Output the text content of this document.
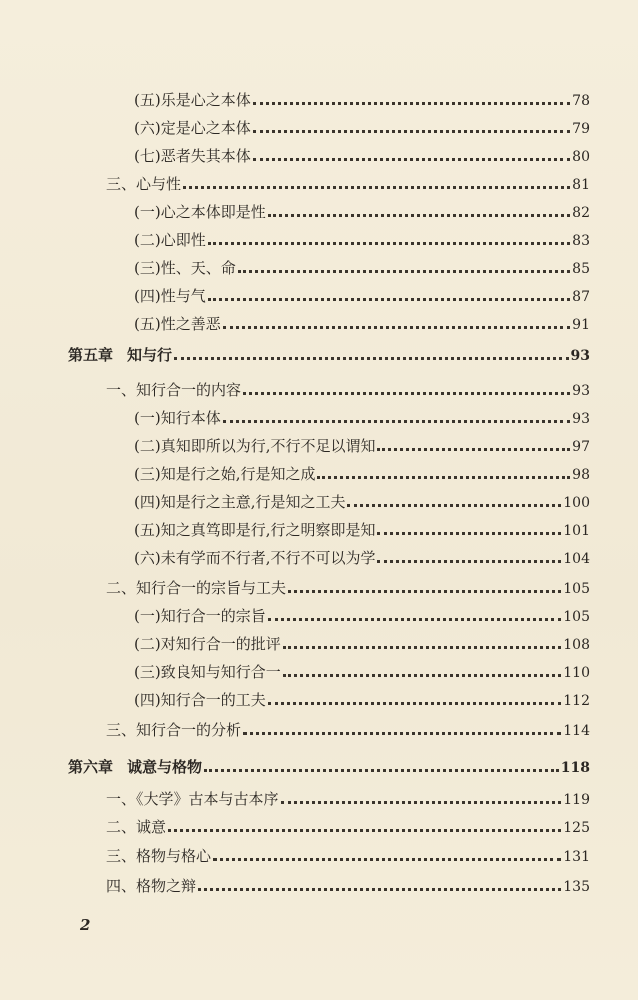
(五)乐是心之本体	78
(六)定是心之本体	79
(七)恶者失其本体	80
三、心与性	81
(一)心之本体即是性	82
(二)心即性	83
(三)性、天、命	85
(四)性与气	87
(五)性之善恶	91
第五章 知与行	93
一、知行合一的内容	93
(一)知行本体	93
(二)真知即所以为行,不行不足以谓知	97
(三)知是行之始,行是知之成	98
(四)知是行之主意,行是知之工夫	100
(五)知之真笃即是行,行之明察即是知	101
(六)未有学而不行者,不行不可以为学	104
二、知行合一的宗旨与工夫	105
(一)知行合一的宗旨	105
(二)对知行合一的批评	108
(三)致良知与知行合一	110
(四)知行合一的工夫	112
三、知行合一的分析	114
第六章 诚意与格物	118
一、《大学》古本与古本序	119
二、诚意	125
三、格物与格心	131
四、格物之辩	135
2
